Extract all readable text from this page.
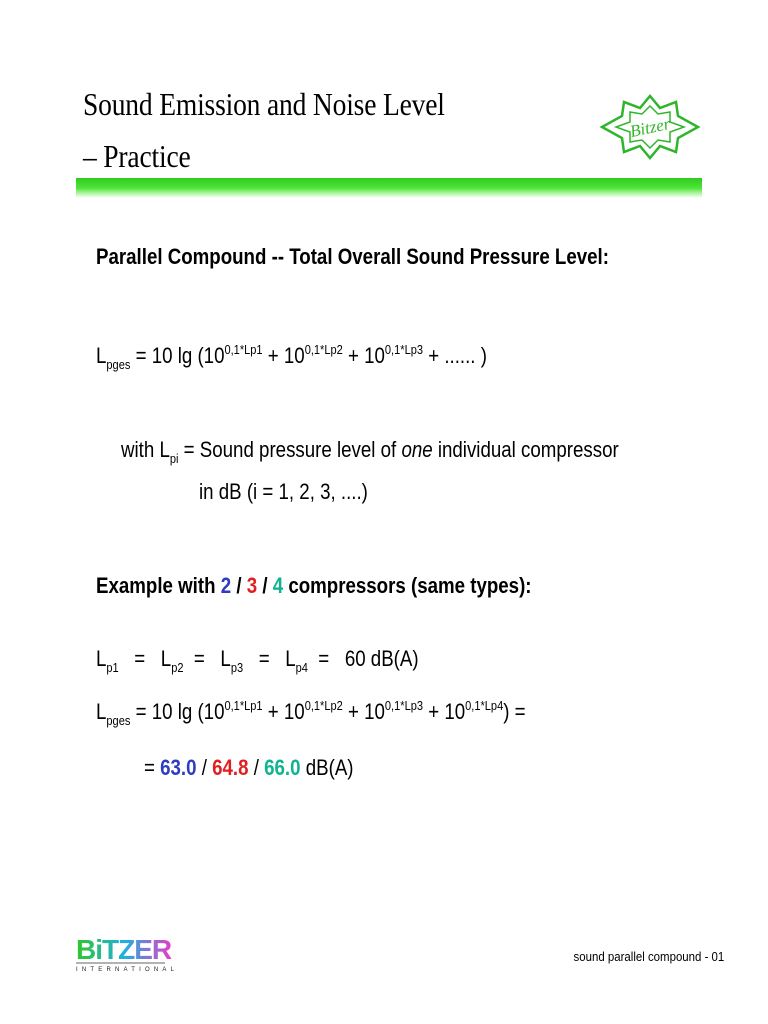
Sound Emission and Noise Level
– Practice
Bitzer
Parallel Compound -- Total Overall Sound Pressure Level:
$L_{pges} = 10$ $\lg (10^{0,1*Lp1} + 10^{0,1*Lp2} + 10^{0,1*Lp3}$ + ...... )
with $L_{pi}$ = Sound pressure level of one individual compressor
in dB (i = 1, 2, 3, ....)
Example with 2 / 3 / 4 compressors (same types):
$L_{p1} = L_{p2} = L_{p3} = L_{p4} = 60$ dB(A)
$L_{pges} = 10$ $\lg (10^{0,1*Lp1} + 10^{0,1*Lp2} + 10^{0,1*Lp3} + 10^{0,1*Lp4})$ =
= 63.0 / 64.8 / 66.0 dB(A)
BiTZER
INTERNATIONAL
sound parallel compound - 01
